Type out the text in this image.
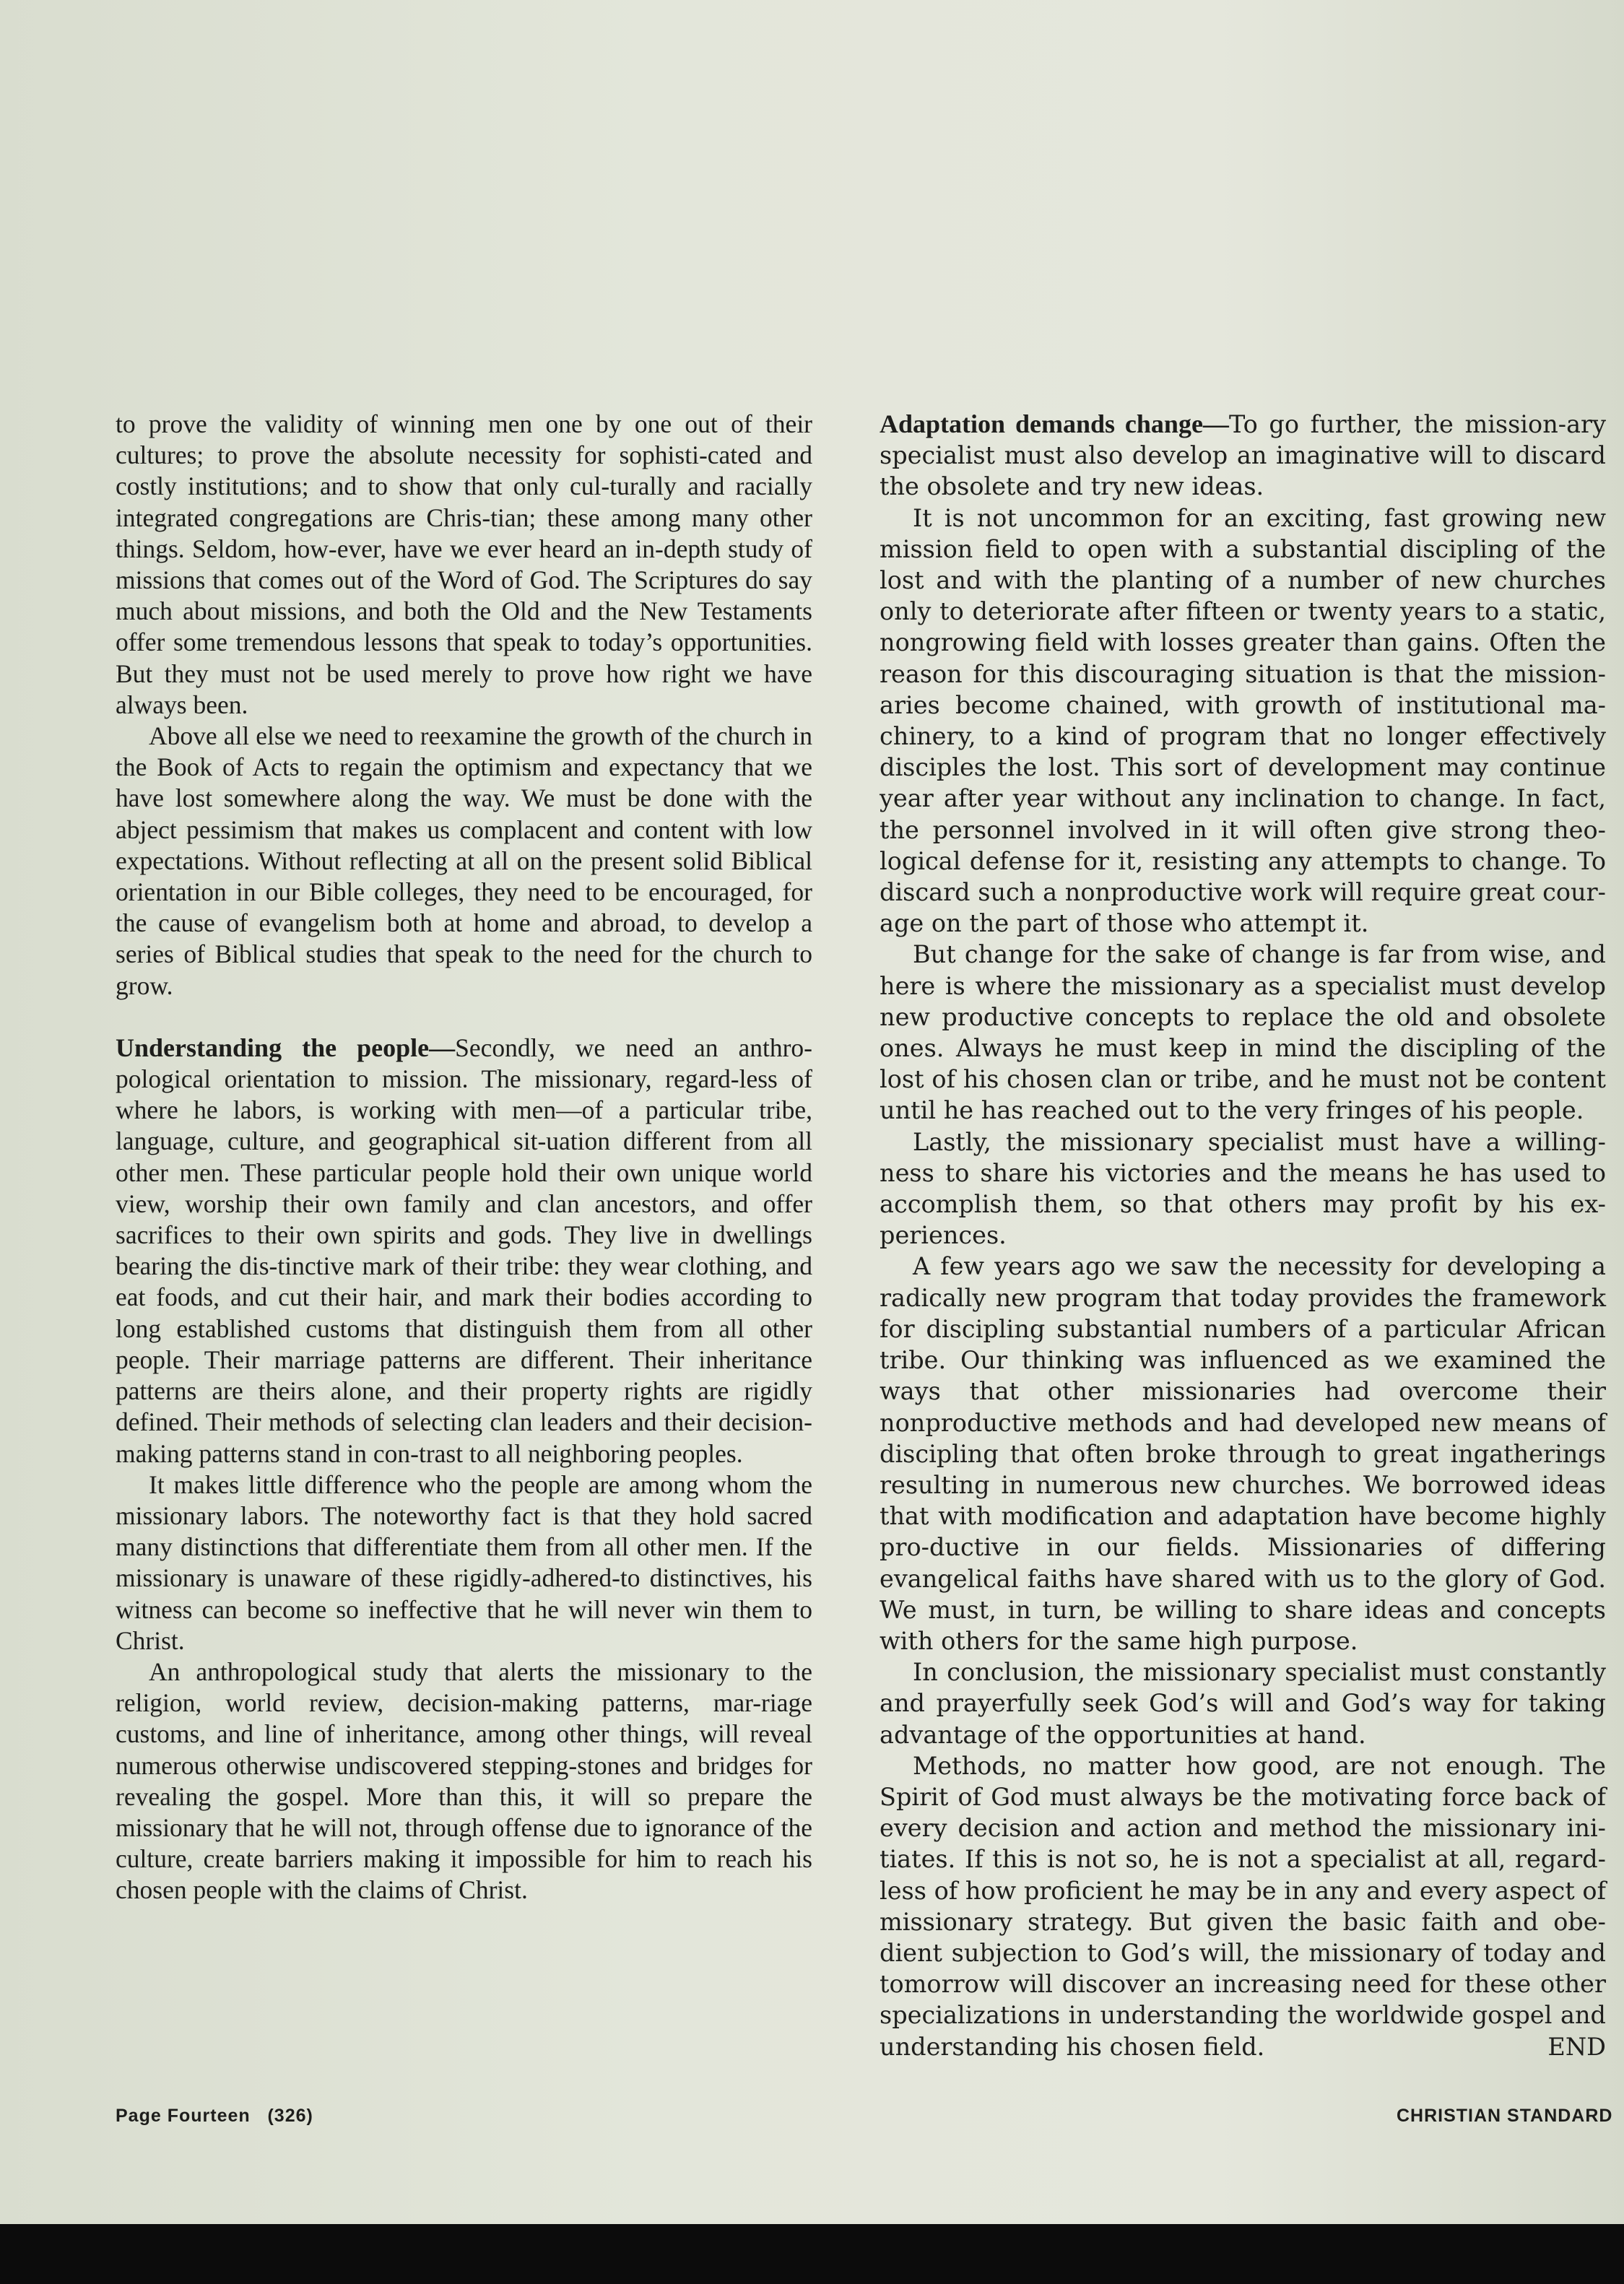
to prove the validity of winning men one by one out of their cultures; to prove the absolute necessity for sophisti-cated and costly institutions; and to show that only cul-turally and racially integrated congregations are Chris-tian; these among many other things. Seldom, how-ever, have we ever heard an in-depth study of missions that comes out of the Word of God. The Scriptures do say much about missions, and both the Old and the New Testaments offer some tremendous lessons that speak to today’s opportunities. But they must not be used merely to prove how right we have always been.

Above all else we need to reexamine the growth of the church in the Book of Acts to regain the optimism and expectancy that we have lost somewhere along the way. We must be done with the abject pessimism that makes us complacent and content with low expectations. Without reflecting at all on the present solid Biblical orientation in our Bible colleges, they need to be encouraged, for the cause of evangelism both at home and abroad, to develop a series of Biblical studies that speak to the need for the church to grow.

Understanding the people—Secondly, we need an anthro-pological orientation to mission. The missionary, regard-less of where he labors, is working with men—of a particular tribe, language, culture, and geographical sit-uation different from all other men. These particular people hold their own unique world view, worship their own family and clan ancestors, and offer sacrifices to their own spirits and gods. They live in dwellings bearing the dis-tinctive mark of their tribe: they wear clothing, and eat foods, and cut their hair, and mark their bodies according to long established customs that distinguish them from all other people. Their marriage patterns are different. Their inheritance patterns are theirs alone, and their property rights are rigidly defined. Their methods of selecting clan leaders and their decision-making patterns stand in con-trast to all neighboring peoples.

It makes little difference who the people are among whom the missionary labors. The noteworthy fact is that they hold sacred many distinctions that differentiate them from all other men. If the missionary is unaware of these rigidly-adhered-to distinctives, his witness can become so ineffective that he will never win them to Christ.

An anthropological study that alerts the missionary to the religion, world review, decision-making patterns, mar-riage customs, and line of inheritance, among other things, will reveal numerous otherwise undiscovered stepping-stones and bridges for revealing the gospel. More than this, it will so prepare the missionary that he will not, through offense due to ignorance of the culture, create barriers making it impossible for him to reach his chosen people with the claims of Christ.

Adaptation demands change—To go further, the mission-ary specialist must also develop an imaginative will to discard the obsolete and try new ideas.

It is not uncommon for an exciting, fast growing new mission field to open with a substantial discipling of the lost and with the planting of a number of new churches only to deteriorate after fifteen or twenty years to a static, nongrowing field with losses greater than gains. Often the reason for this discouraging situation is that the mission-aries become chained, with growth of institutional ma-chinery, to a kind of program that no longer effectively disciples the lost. This sort of development may continue year after year without any inclination to change. In fact, the personnel involved in it will often give strong theo-logical defense for it, resisting any attempts to change. To discard such a nonproductive work will require great cour-age on the part of those who attempt it.

But change for the sake of change is far from wise, and here is where the missionary as a specialist must develop new productive concepts to replace the old and obsolete ones. Always he must keep in mind the discipling of the lost of his chosen clan or tribe, and he must not be content until he has reached out to the very fringes of his people.

Lastly, the missionary specialist must have a willing-ness to share his victories and the means he has used to accomplish them, so that others may profit by his ex-periences.

A few years ago we saw the necessity for developing a radically new program that today provides the framework for discipling substantial numbers of a particular African tribe. Our thinking was influenced as we examined the ways that other missionaries had overcome their nonproductive methods and had developed new means of discipling that often broke through to great ingatherings resulting in numerous new churches. We borrowed ideas that with modification and adaptation have become highly pro-ductive in our fields. Missionaries of differing evangelical faiths have shared with us to the glory of God. We must, in turn, be willing to share ideas and concepts with others for the same high purpose.

In conclusion, the missionary specialist must constantly and prayerfully seek God’s will and God’s way for taking advantage of the opportunities at hand.

Methods, no matter how good, are not enough. The Spirit of God must always be the motivating force back of every decision and action and method the missionary ini-tiates. If this is not so, he is not a specialist at all, regard-less of how proficient he may be in any and every aspect of missionary strategy. But given the basic faith and obe-dient subjection to God’s will, the missionary of today and tomorrow will discover an increasing need for these other specializations in understanding the worldwide gospel and understanding his chosen field.	END

Page Fourteen   (326)	CHRISTIAN STANDARD
